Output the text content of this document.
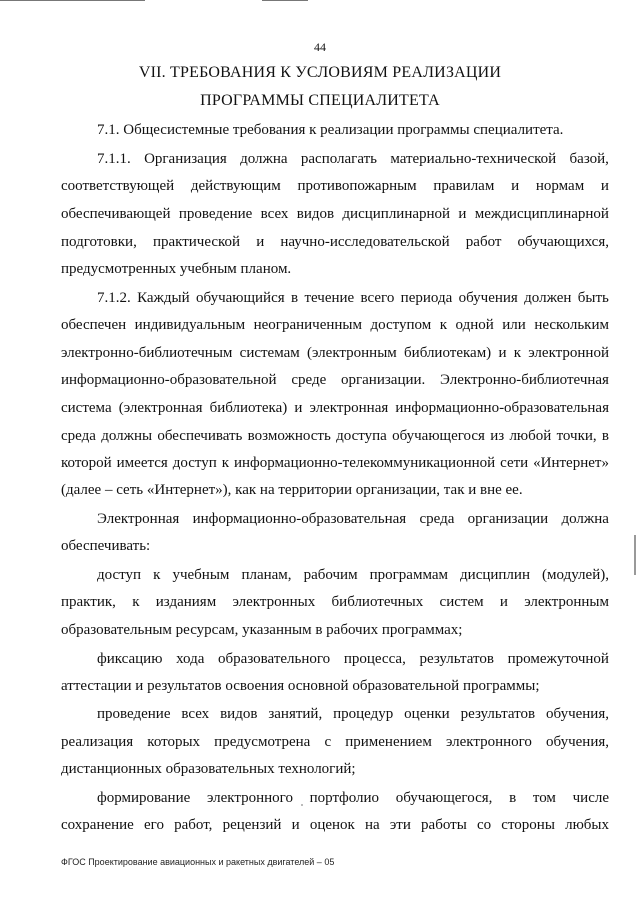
44
VII. ТРЕБОВАНИЯ К УСЛОВИЯМ РЕАЛИЗАЦИИ
ПРОГРАММЫ СПЕЦИАЛИТЕТА
7.1. Общесистемные требования к реализации программы специалитета.
7.1.1. Организация должна располагать материально-технической базой,
соответствующей действующим противопожарным правилам и нормам и
обеспечивающей проведение всех видов дисциплинарной и междисциплинарной
подготовки, практической и научно-исследовательской работ обучающихся,
предусмотренных учебным планом.
7.1.2. Каждый обучающийся в течение всего периода обучения должен быть
обеспечен индивидуальным неограниченным доступом к одной или нескольким
электронно-библиотечным системам (электронным библиотекам) и к электронной
информационно-образовательной среде организации. Электронно-библиотечная
система (электронная библиотека) и электронная информационно-образовательная
среда должны обеспечивать возможность доступа обучающегося из любой точки, в
которой имеется доступ к информационно-телекоммуникационной сети «Интернет»
(далее – сеть «Интернет»), как на территории организации, так и вне ее.
Электронная информационно-образовательная среда организации должна
обеспечивать:
доступ к учебным планам, рабочим программам дисциплин (модулей),
практик, к изданиям электронных библиотечных систем и электронным
образовательным ресурсам, указанным в рабочих программах;
фиксацию хода образовательного процесса, результатов промежуточной
аттестации и результатов освоения основной образовательной программы;
проведение всех видов занятий, процедур оценки результатов обучения,
реализация которых предусмотрена с применением электронного обучения,
дистанционных образовательных технологий;
формирование электронного портфолио обучающегося, в том числе
сохранение его работ, рецензий и оценок на эти работы со стороны любых
ФГОС Проектирование авиационных и ракетных двигателей – 05
